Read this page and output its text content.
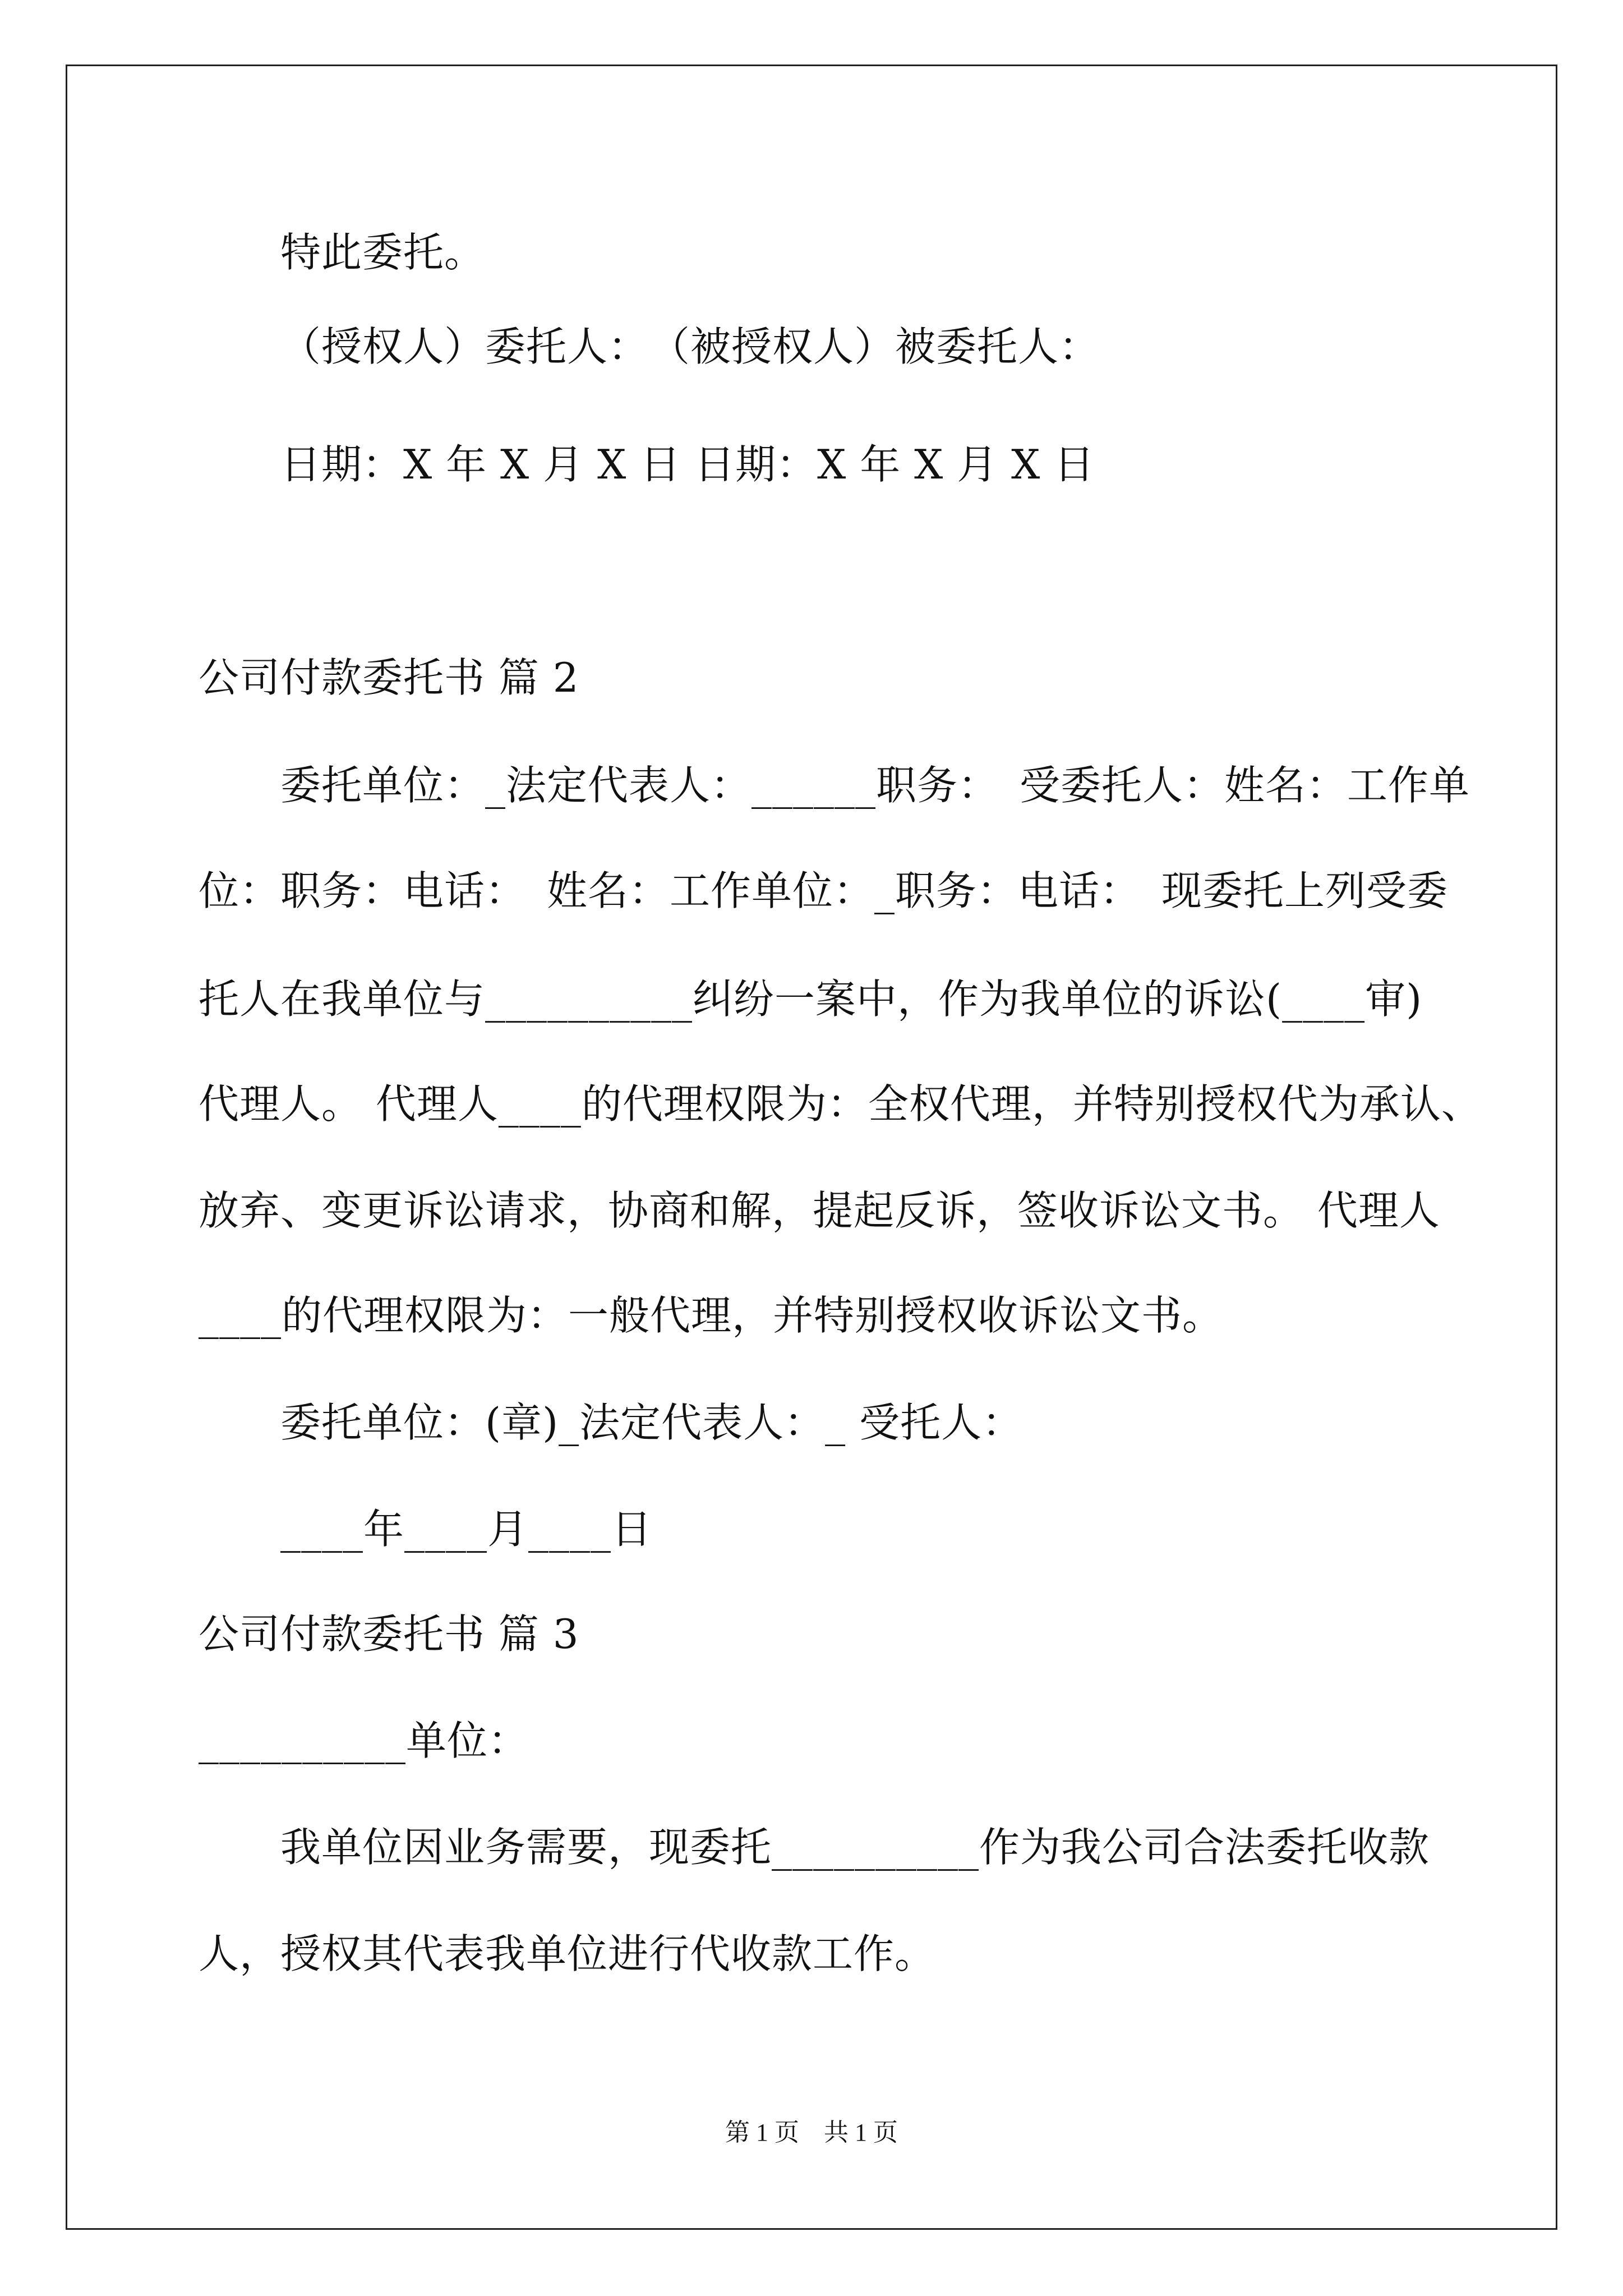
特此委托。

（授权人）委托人：　（被授权人）被委托人：

日期：X 年 X 月 X 日 日期：X 年 X 月 X 日

公司付款委托书 篇 2

委托单位：_法定代表人：______职务：　受委托人：姓名：工作单

位：职务：电话：　姓名：工作单位：_职务：电话：　现委托上列受委

托人在我单位与__________纠纷一案中，作为我单位的诉讼(____审)

代理人。 代理人____的代理权限为：全权代理，并特别授权代为承认、

放弃、变更诉讼请求，协商和解，提起反诉，签收诉讼文书。 代理人

____的代理权限为：一般代理，并特别授权收诉讼文书。

委托单位：(章)_法定代表人：_ 受托人：

____年____月____日

公司付款委托书 篇 3

__________单位：

我单位因业务需要，现委托__________作为我公司合法委托收款

人，授权其代表我单位进行代收款工作。

第 1 页　共 1 页
